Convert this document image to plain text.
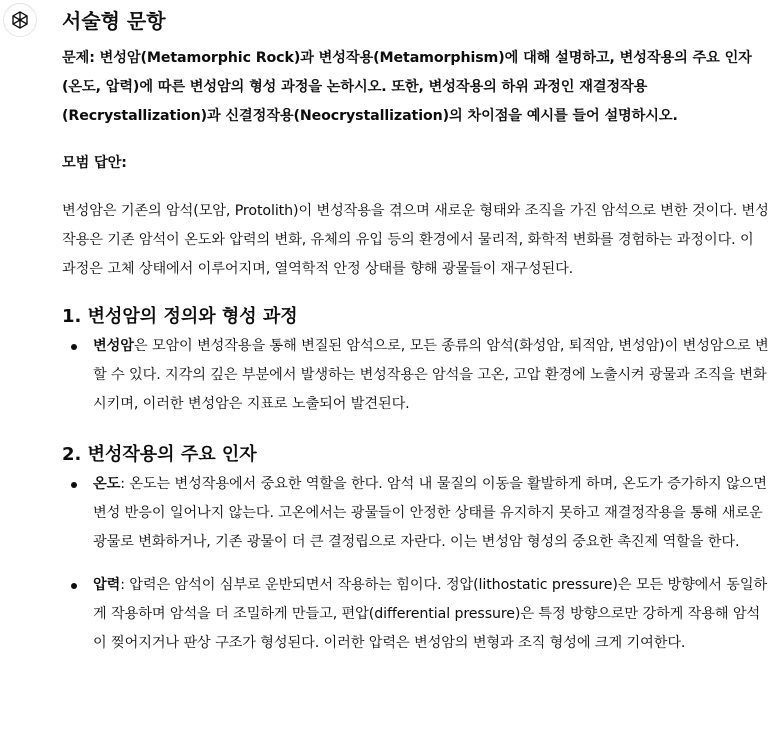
서술형 문항

문제: 변성암(Metamorphic Rock)과 변성작용(Metamorphism)에 대해 설명하고, 변성작용의 주요 인자(온도, 압력)에 따른 변성암의 형성 과정을 논하시오. 또한, 변성작용의 하위 과정인 재결정작용(Recrystallization)과 신결정작용(Neocrystallization)의 차이점을 예시를 들어 설명하시오.

모범 답안:

변성암은 기존의 암석(모암, Protolith)이 변성작용을 겪으며 새로운 형태와 조직을 가진 암석으로 변한 것이다. 변성작용은 기존 암석이 온도와 압력의 변화, 유체의 유입 등의 환경에서 물리적, 화학적 변화를 경험하는 과정이다. 이 과정은 고체 상태에서 이루어지며, 열역학적 안정 상태를 향해 광물들이 재구성된다.

1. 변성암의 정의와 형성 과정
변성암은 모암이 변성작용을 통해 변질된 암석으로, 모든 종류의 암석(화성암, 퇴적암, 변성암)이 변성암으로 변할 수 있다. 지각의 깊은 부분에서 발생하는 변성작용은 암석을 고온, 고압 환경에 노출시켜 광물과 조직을 변화시키며, 이러한 변성암은 지표로 노출되어 발견된다.
2. 변성작용의 주요 인자
온도: 온도는 변성작용에서 중요한 역할을 한다. 암석 내 물질의 이동을 활발하게 하며, 온도가 증가하지 않으면 변성 반응이 일어나지 않는다. 고온에서는 광물들이 안정한 상태를 유지하지 못하고 재결정작용을 통해 새로운 광물로 변화하거나, 기존 광물이 더 큰 결정립으로 자란다. 이는 변성암 형성의 중요한 촉진제 역할을 한다.
압력: 압력은 암석이 심부로 운반되면서 작용하는 힘이다. 정압(lithostatic pressure)은 모든 방향에서 동일하게 작용하며 암석을 더 조밀하게 만들고, 편압(differential pressure)은 특정 방향으로만 강하게 작용해 암석이 찢어지거나 판상 구조가 형성된다. 이러한 압력은 변성암의 변형과 조직 형성에 크게 기여한다.
